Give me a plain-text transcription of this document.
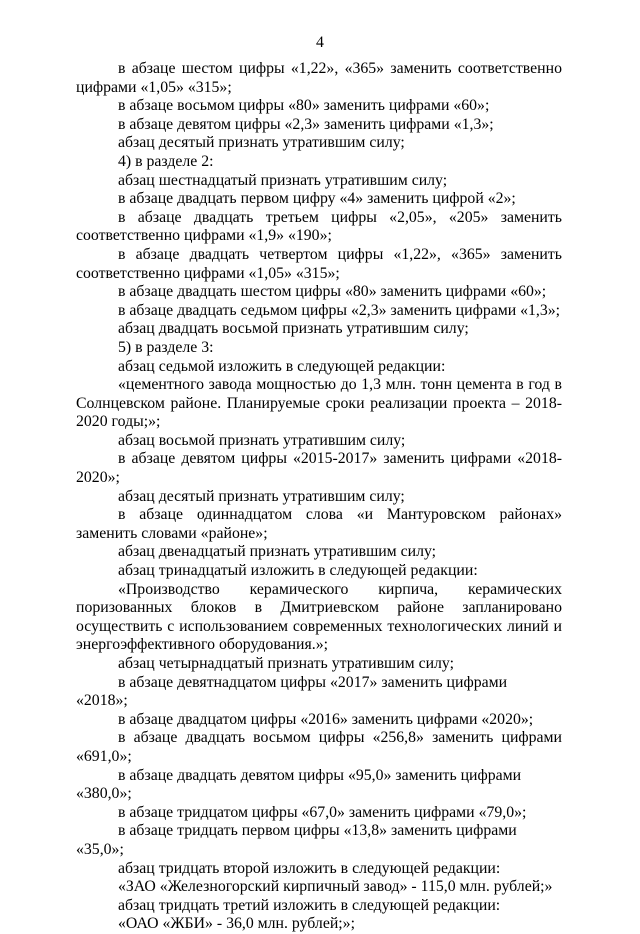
4

в абзаце шестом цифры «1,22», «365» заменить соответственно цифрами «1,05» «315»;

в абзаце восьмом цифры «80» заменить цифрами «60»;

в абзаце девятом цифры «2,3» заменить цифрами «1,3»;

абзац десятый признать утратившим силу;

4) в разделе 2:

абзац шестнадцатый признать утратившим силу;

в абзаце двадцать первом цифру «4» заменить цифрой «2»;

в абзаце двадцать третьем цифры «2,05», «205» заменить соответственно цифрами «1,9» «190»;

в абзаце двадцать четвертом цифры «1,22», «365» заменить соответственно цифрами «1,05» «315»;

в абзаце двадцать шестом цифры «80» заменить цифрами «60»;

в абзаце двадцать седьмом цифры «2,3» заменить цифрами «1,3»;

абзац двадцать восьмой признать утратившим силу;

5) в разделе 3:

абзац седьмой изложить в следующей редакции:

«цементного завода мощностью до 1,3 млн. тонн цемента в год в Солнцевском районе. Планируемые сроки реализации проекта – 2018-2020 годы;»;

абзац восьмой признать утратившим силу;

в абзаце девятом цифры «2015-2017» заменить цифрами «2018-2020»;

абзац десятый признать утратившим силу;

в абзаце одиннадцатом слова «и Мантуровском районах» заменить словами «районе»;

абзац двенадцатый признать утратившим силу;

абзац тринадцатый изложить в следующей редакции:

«Производство керамического кирпича, керамических поризованных блоков в Дмитриевском районе запланировано осуществить с использованием современных технологических линий и энергоэффективного оборудования.»;

абзац четырнадцатый признать утратившим силу;

в абзаце девятнадцатом цифры «2017» заменить цифрами «2018»;

в абзаце двадцатом цифры «2016» заменить цифрами «2020»;

в абзаце двадцать восьмом цифры «256,8» заменить цифрами «691,0»;

в абзаце двадцать девятом цифры «95,0» заменить цифрами «380,0»;

в абзаце тридцатом цифры «67,0» заменить цифрами «79,0»;

в абзаце тридцать первом цифры «13,8» заменить цифрами «35,0»;

абзац тридцать второй изложить в следующей редакции:

«ЗАО «Железногорский кирпичный завод» - 115,0 млн. рублей;»

абзац тридцать третий изложить в следующей редакции:

«ОАО «ЖБИ» - 36,0 млн. рублей;»;
